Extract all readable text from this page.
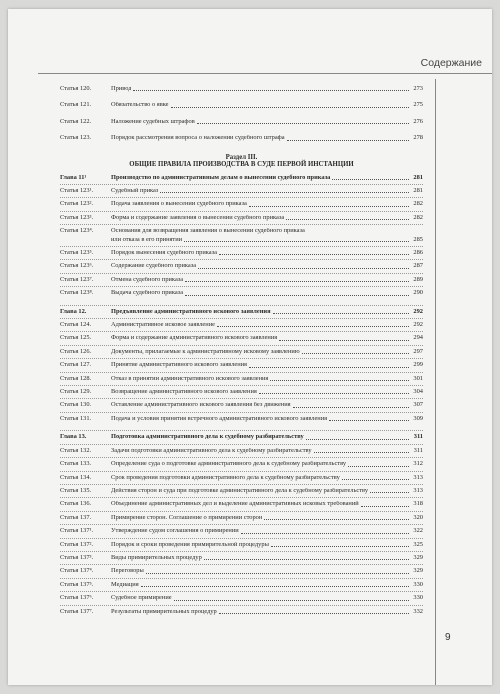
Содержание
9
Статья 120.	Привод	273
Статья 121.	Обязательство о явке	275
Статья 122.	Наложение судебных штрафов	276
Статья 123.	Порядок рассмотрения вопроса о наложении судебного штрафа	278
Раздел III.
ОБЩИЕ ПРАВИЛА ПРОИЗВОДСТВА В СУДЕ ПЕРВОЙ ИНСТАНЦИИ
Глава 11¹	Производство по административным делам о вынесении судебного приказа	281
Статья 123¹.	Судебный приказ	281
Статья 123².	Подача заявления о вынесении судебного приказа	282
Статья 123³.	Форма и содержание заявления о вынесении судебного приказа	282
Статья 123⁴.	Основания для возвращения заявления о вынесении судебного приказа
или отказа в его принятии	285
Статья 123⁵.	Порядок вынесения судебного приказа	286
Статья 123⁶.	Содержание судебного приказа	287
Статья 123⁷.	Отмена судебного приказа	289
Статья 123⁸.	Выдача судебного приказа	290
Глава 12.	Предъявление административного искового заявления	292
Статья 124.	Административное исковое заявление	292
Статья 125.	Форма и содержание административного искового заявления	294
Статья 126.	Документы, прилагаемые к административному исковому заявлению	297
Статья 127.	Принятие административного искового заявления	299
Статья 128.	Отказ в принятии административного искового заявления	301
Статья 129.	Возвращение административного искового заявления	304
Статья 130.	Оставление административного искового заявления без движения	307
Статья 131.	Подача и условия принятия встречного административного искового заявления	309
Глава 13.	Подготовка административного дела к судебному разбирательству	311
Статья 132.	Задачи подготовки административного дела к судебному разбирательству	311
Статья 133.	Определение суда о подготовке административного дела к судебному разбирательству	312
Статья 134.	Срок проведения подготовки административного дела к судебному разбирательству	313
Статья 135.	Действия сторон и суда при подготовке административного дела к судебному разбирательству	313
Статья 136.	Объединение административных дел и выделение административных исковых требований	318
Статья 137.	Примирение сторон. Соглашение о примирении сторон	320
Статья 137¹.	Утверждение судом соглашения о примирении	322
Статья 137².	Порядок и сроки проведения примирительной процедуры	325
Статья 137³.	Виды примирительных процедур	329
Статья 137⁴.	Переговоры	329
Статья 137⁵.	Медиация	330
Статья 137⁶.	Судебное примирение	330
Статья 137⁷.	Результаты примирительных процедур	332
